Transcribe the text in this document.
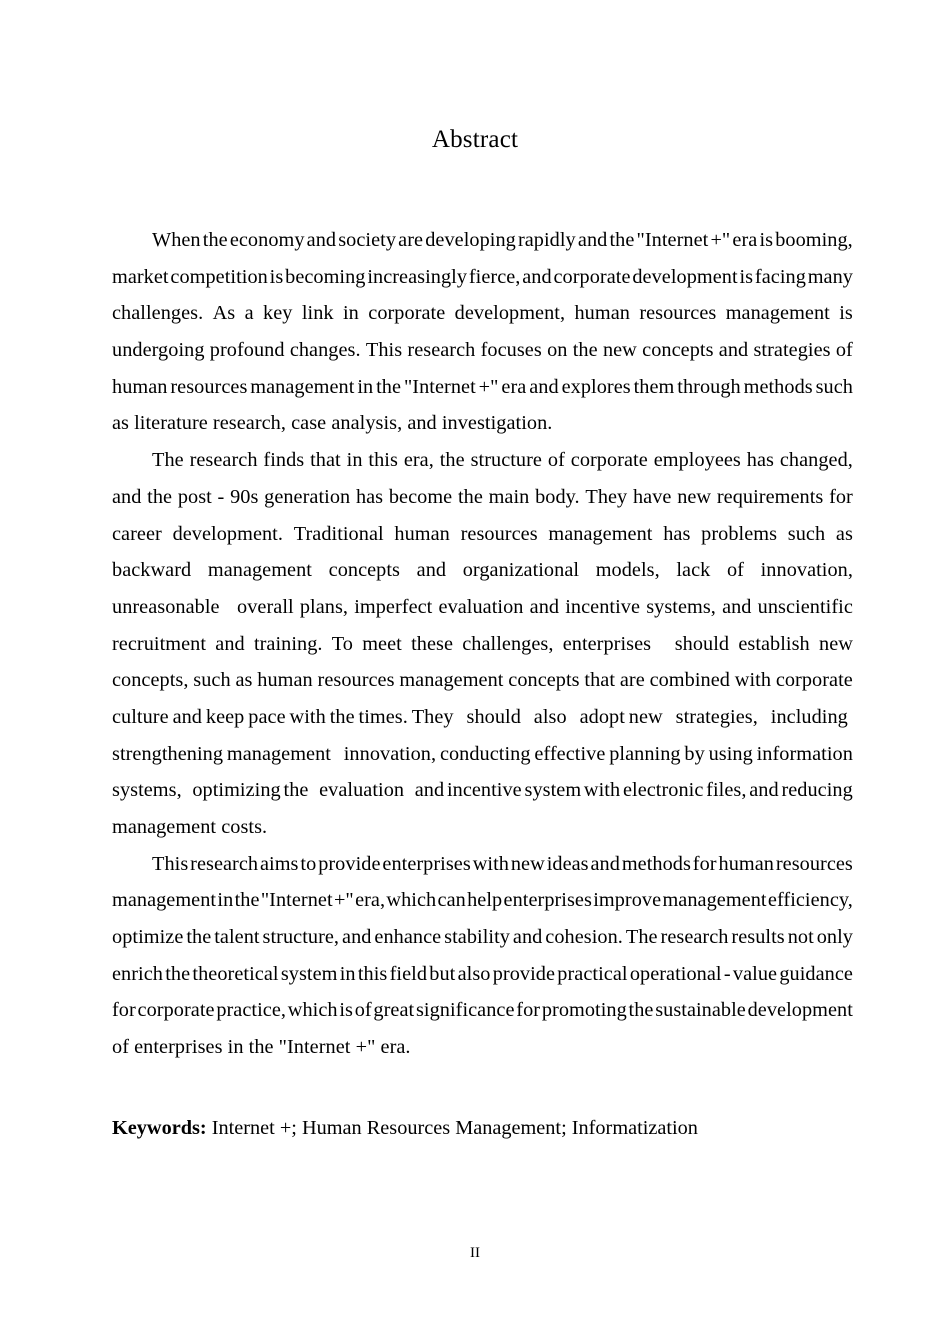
Abstract
When the economy and society are developing rapidly and the "Internet +" era is booming,
market competition is becoming increasingly fierce, and corporate development is facing many
challenges. As a key link in corporate development, human resources management is
undergoing profound changes. This research focuses on the new concepts and strategies of
human resources management in the "Internet +" era and explores them through methods such
as literature research, case analysis, and investigation.
The research finds that in this era, the structure of corporate employees has changed,
and the post - 90s generation has become the main body. They have new requirements for
career development. Traditional human resources management has problems such as
backward management concepts and organizational models, lack of innovation,
unreasonable
overall plans, imperfect evaluation and incentive systems, and unscientific
recruitment and training. To meet these challenges, enterprises
should establish new
concepts, such as human resources management concepts that are combined with corporate
culture and keep pace with the times. They
should
also
adopt new
strategies,
including
strengthening management
innovation, conducting effective planning by using information
systems,
optimizing the
evaluation
and incentive system with electronic files, and reducing
management costs.
This research aims to provide enterprises with new ideas and methods for human resources
management in the "Internet +" era, which can help enterprises improve management efficiency,
optimize the talent structure, and enhance stability and cohesion. The research results not only
enrich the theoretical system in this field but also provide practical operational - value guidance
for corporate practice, which is of great significance for promoting the sustainable development
of enterprises in the "Internet +" era.
Keywords: Internet +; Human Resources Management; Informatization
II
